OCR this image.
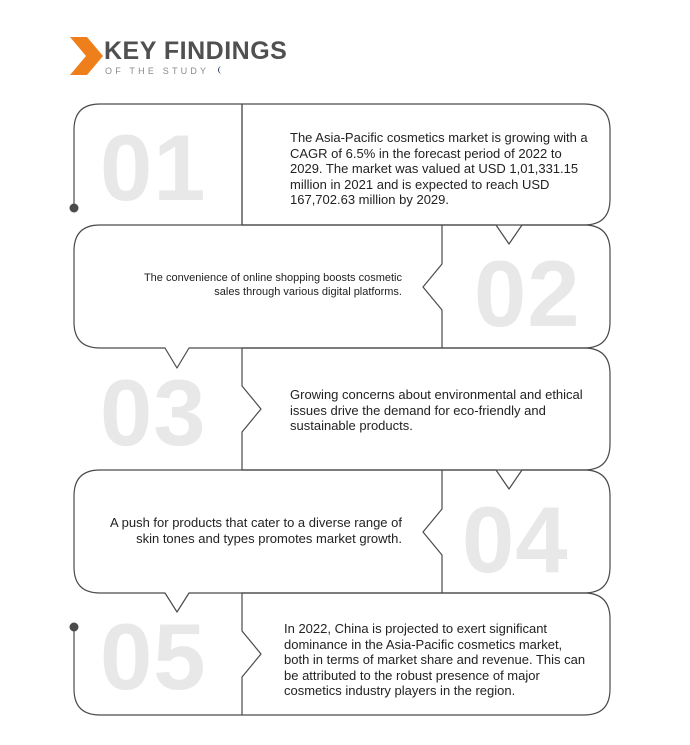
KEY FINDINGS
OF THE STUDY
01
02
03
04
05
The Asia-Pacific cosmetics market is growing with a CAGR of 6.5% in the forecast period of 2022 to 2029. The market was valued at USD 1,01,331.15 million in 2021 and is expected to reach USD 167,702.63 million by 2029.
The convenience of online shopping boosts cosmetic sales through various digital platforms.
Growing concerns about environmental and ethical issues drive the demand for eco-friendly and sustainable products.
A push for products that cater to a diverse range of skin tones and types promotes market growth.
In 2022, China is projected to exert significant dominance in the Asia-Pacific cosmetics market, both in terms of market share and revenue. This can be attributed to the robust presence of major cosmetics industry players in the region.
